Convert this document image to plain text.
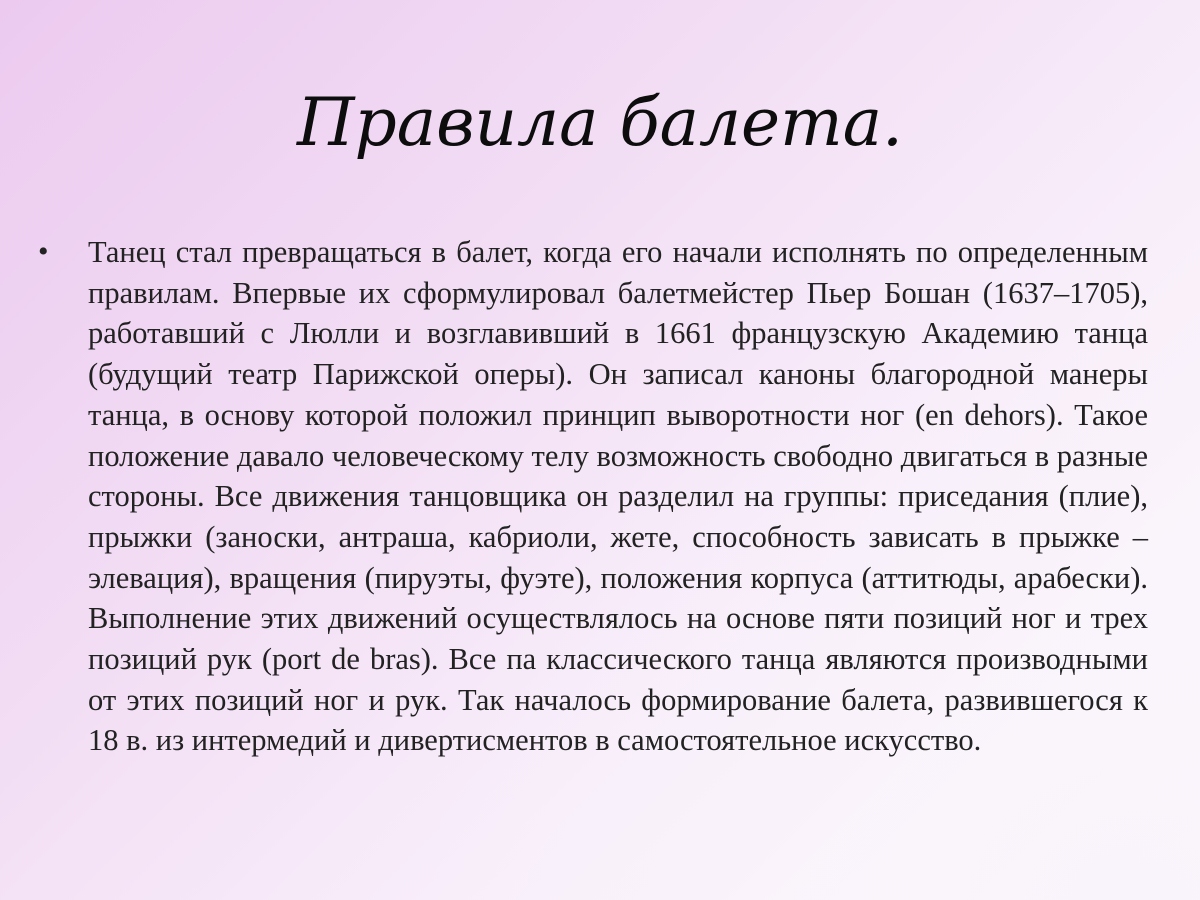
Правила балета.
• Танец стал превращаться в балет, когда его начали исполнять по определенным правилам. Впервые их сформулировал балетмейстер Пьер Бошан (1637–1705), работавший с Люлли и возглавивший в 1661 французскую Академию танца (будущий театр Парижской оперы). Он записал каноны благородной манеры танца, в основу которой положил принцип выворотности ног (en dehors). Такое положение давало человеческому телу возможность свободно двигаться в разные стороны. Все движения танцовщика он разделил на группы: приседания (плие), прыжки (заноски, антраша, кабриоли, жете, способность зависать в прыжке – элевация), вращения (пируэты, фуэте), положения корпуса (аттитюды, арабески). Выполнение этих движений осуществлялось на основе пяти позиций ног и трех позиций рук (port de bras). Все па классического танца являются производными от этих позиций ног и рук. Так началось формирование балета, развившегося к 18 в. из интермедий и дивертисментов в самостоятельное искусство.
